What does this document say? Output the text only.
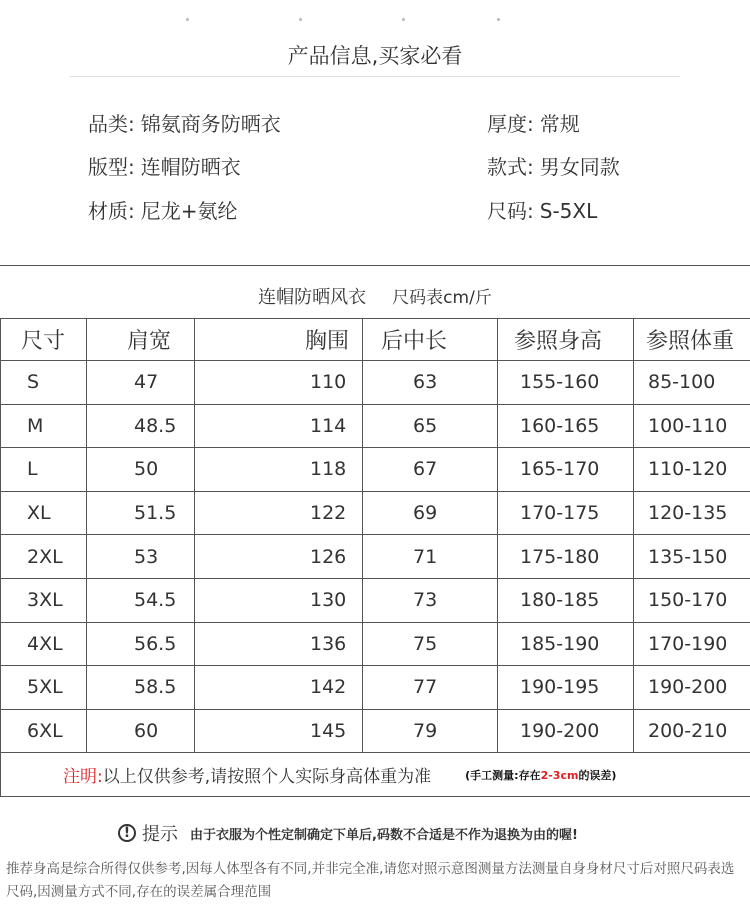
产品信息,买家必看
品类: 锦氨商务防晒衣	厚度: 常规
版型: 连帽防晒衣	款式: 男女同款
材质: 尼龙+氨纶	尺码: S-5XL
连帽防晒风衣 尺码表cm/斤
尺寸	肩宽	胸围	后中长	参照身高	参照体重
S	47	110	63	155-160	85-100
M	48.5	114	65	160-165	100-110
L	50	118	67	165-170	110-120
XL	51.5	122	69	170-175	120-135
2XL	53	126	71	175-180	135-150
3XL	54.5	130	73	180-185	150-170
4XL	56.5	136	75	185-190	170-190
5XL	58.5	142	77	190-195	190-200
6XL	60	145	79	190-200	200-210

注明: 以上仅供参考,请按照个人实际身高体重为准 (手工测量:存在2-3cm的误差)					
! 提示 由于衣服为个性定制确定下单后,码数不合适是不作为退换为由的喔!
推荐身高是综合所得仅供参考,因每人体型各有不同,并非完全准,请您对照示意图测量方法测量自身身材尺寸后对照尺码表选尺码,因测量方式不同,存在的误差属合理范围
